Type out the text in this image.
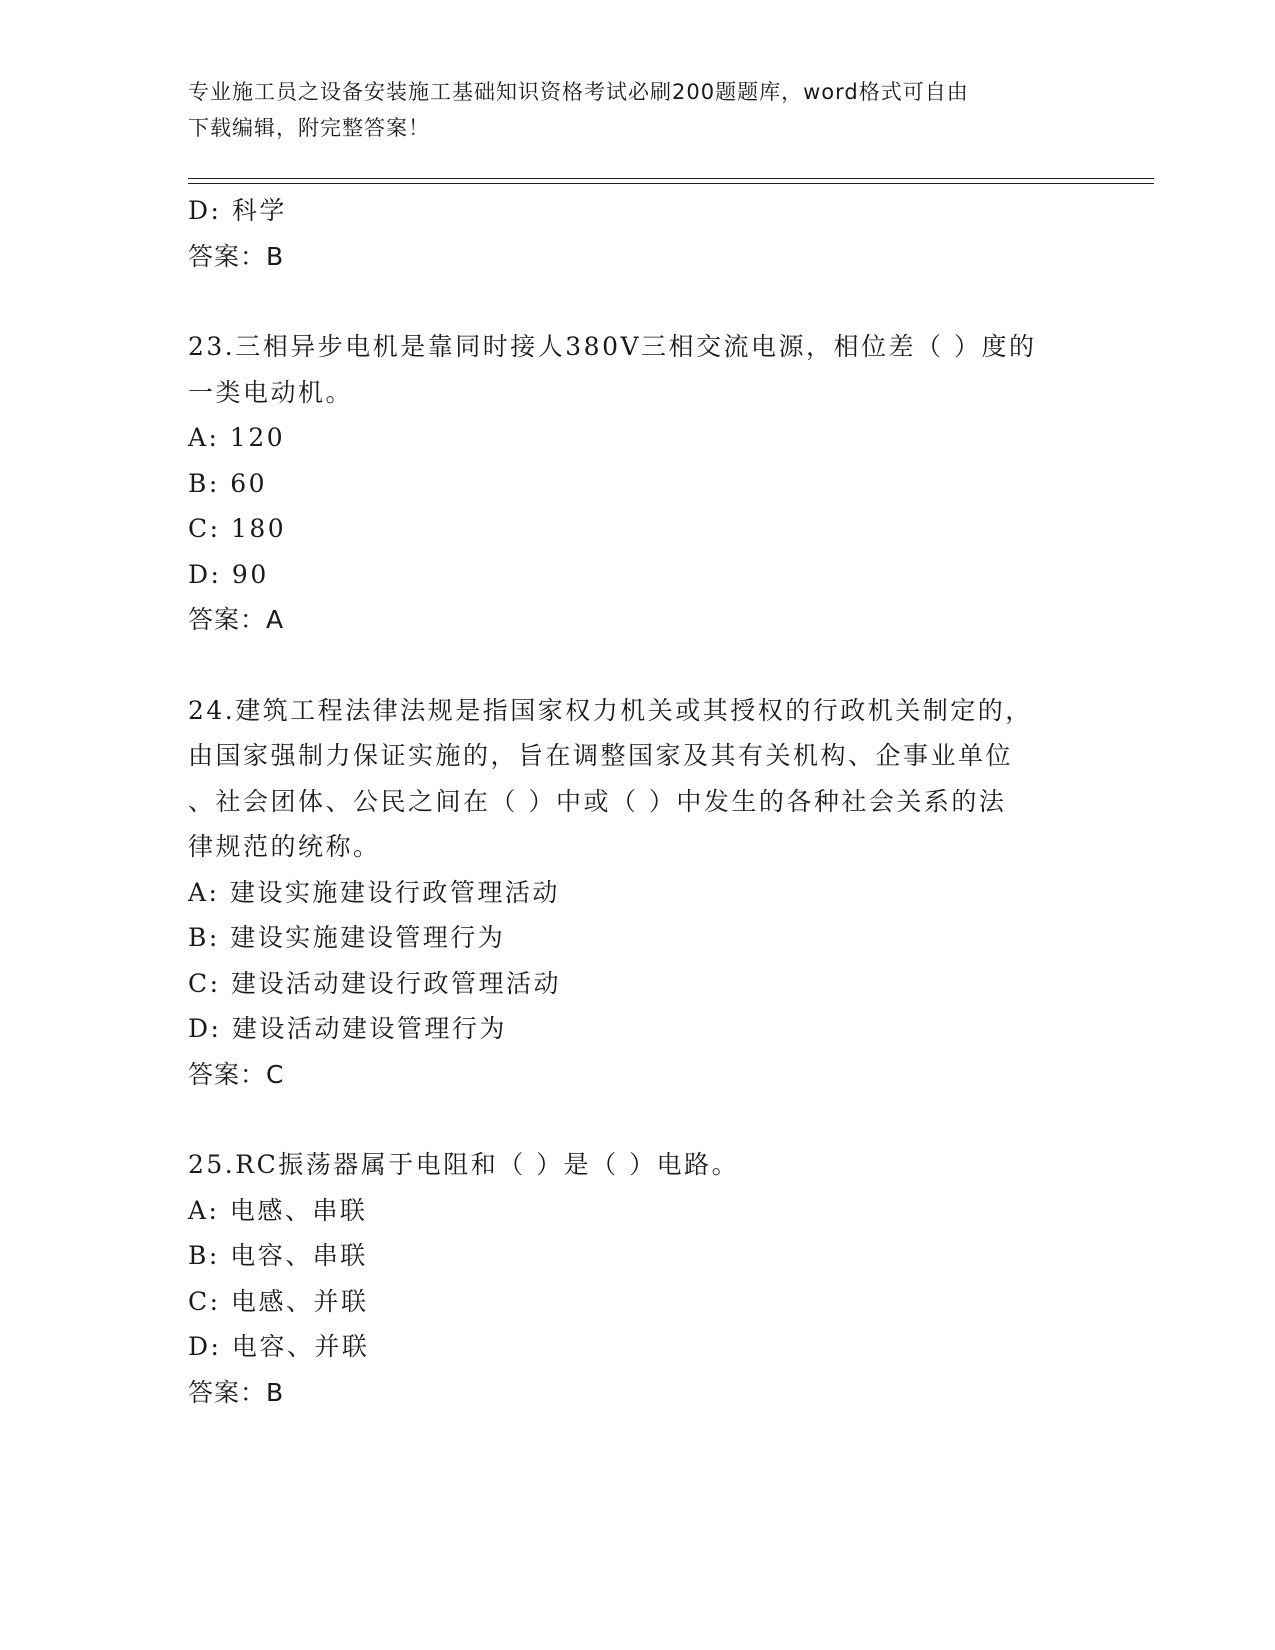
专业施工员之设备安装施工基础知识资格考试必刷200题题库，word格式可自由
下载编辑，附完整答案！
D: 科学
答案：B
23.三相异步电机是靠同时接人380V三相交流电源，相位差（ ）度的
一类电动机。
A: 120
B: 60
C: 180
D: 90
答案：A
24.建筑工程法律法规是指国家权力机关或其授权的行政机关制定的，
由国家强制力保证实施的，旨在调整国家及其有关机构、企事业单位
、社会团体、公民之间在（ ）中或（ ）中发生的各种社会关系的法
律规范的统称。
A: 建设实施建设行政管理活动
B: 建设实施建设管理行为
C: 建设活动建设行政管理活动
D: 建设活动建设管理行为
答案：C
25.RC振荡器属于电阻和（ ）是（ ）电路。
A: 电感、串联
B: 电容、串联
C: 电感、并联
D: 电容、并联
答案：B
